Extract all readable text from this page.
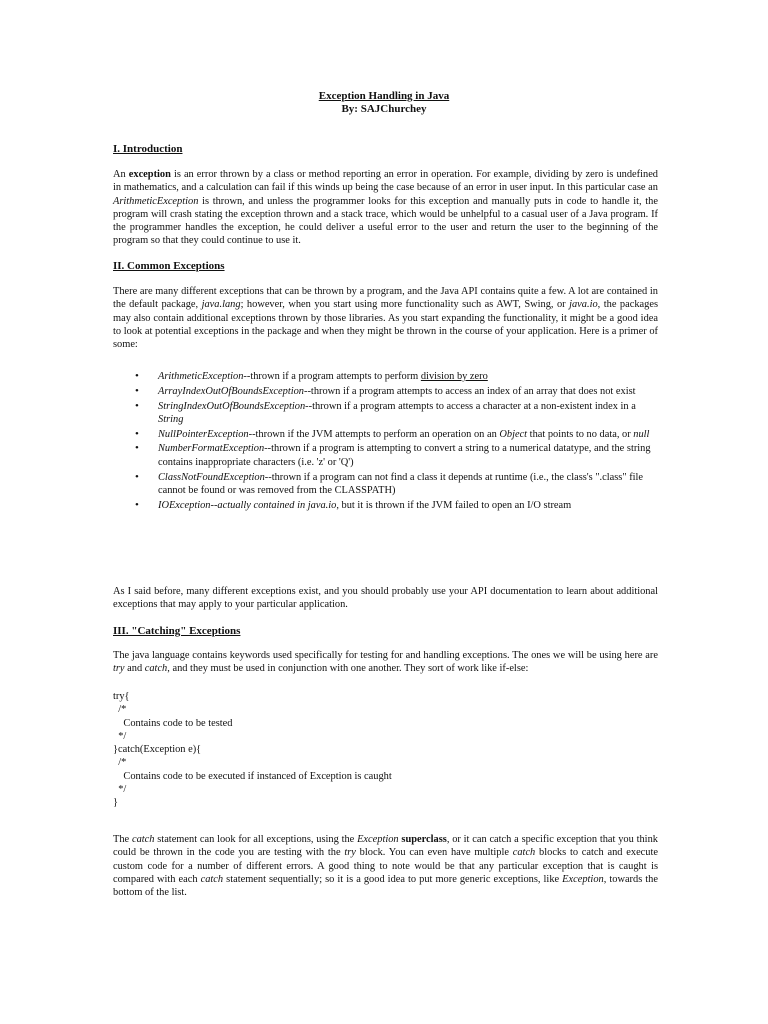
Exception Handling in Java
By: SAJChurchey
I. Introduction
An exception is an error thrown by a class or method reporting an error in operation. For example, dividing by zero is undefined in mathematics, and a calculation can fail if this winds up being the case because of an error in user input. In this particular case an ArithmeticException is thrown, and unless the programmer looks for this exception and manually puts in code to handle it, the program will crash stating the exception thrown and a stack trace, which would be unhelpful to a casual user of a Java program. If the programmer handles the exception, he could deliver a useful error to the user and return the user to the beginning of the program so that they could continue to use it.
II. Common Exceptions
There are many different exceptions that can be thrown by a program, and the Java API contains quite a few. A lot are contained in the default package, java.lang; however, when you start using more functionality such as AWT, Swing, or java.io, the packages may also contain additional exceptions thrown by those libraries. As you start expanding the functionality, it might be a good idea to look at potential exceptions in the package and when they might be thrown in the course of your application. Here is a primer of some:
• ArithmeticException--thrown if a program attempts to perform division by zero
• ArrayIndexOutOfBoundsException--thrown if a program attempts to access an index of an array that does not exist
• StringIndexOutOfBoundsException--thrown if a program attempts to access a character at a non-existent index in a String
• NullPointerException--thrown if the JVM attempts to perform an operation on an Object that points to no data, or null
• NumberFormatException--thrown if a program is attempting to convert a string to a numerical datatype, and the string contains inappropriate characters (i.e. 'z' or 'Q')
• ClassNotFoundException--thrown if a program can not find a class it depends at runtime (i.e., the class's ".class" file cannot be found or was removed from the CLASSPATH)
• IOException--actually contained in java.io, but it is thrown if the JVM failed to open an I/O stream
As I said before, many different exceptions exist, and you should probably use your API documentation to learn about additional exceptions that may apply to your particular application.
III. "Catching" Exceptions
The java language contains keywords used specifically for testing for and handling exceptions. The ones we will be using here are try and catch, and they must be used in conjunction with one another. They sort of work like if-else:
try{
/*
Contains code to be tested
*/
}catch(Exception e){
/*
Contains code to be executed if instanced of Exception is caught
*/
}
The catch statement can look for all exceptions, using the Exception superclass, or it can catch a specific exception that you think could be thrown in the code you are testing with the try block. You can even have multiple catch blocks to catch and execute custom code for a number of different errors. A good thing to note would be that any particular exception that is caught is compared with each catch statement sequentially; so it is a good idea to put more generic exceptions, like Exception, towards the bottom of the list.
